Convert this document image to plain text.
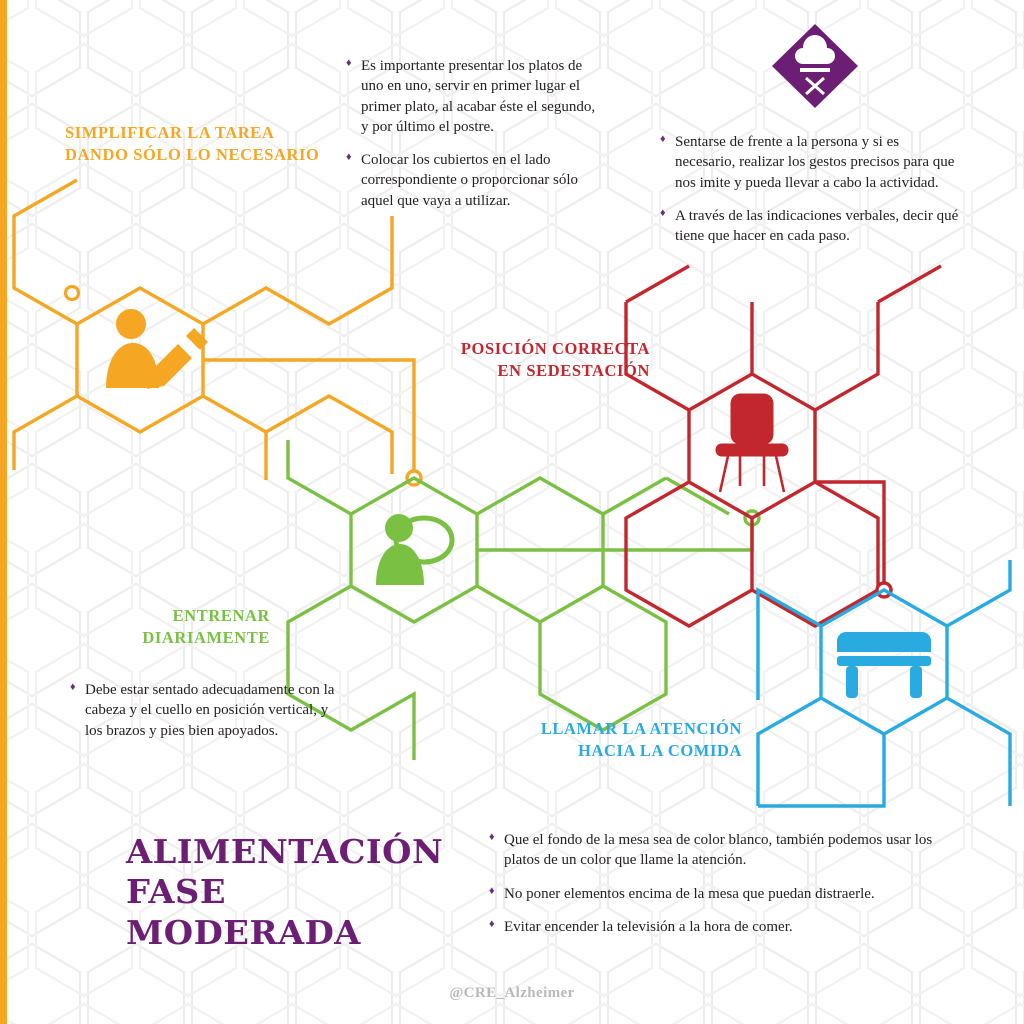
SIMPLIFICAR LA TAREA
DANDO SÓLO LO NECESARIO
POSICIÓN CORRECTA
EN SEDESTACIÓN
ENTRENAR
DIARIAMENTE
LLAMAR LA ATENCIÓN
HACIA LA COMIDA
♦ Es importante presentar los platos de uno en uno, servir en primer lugar el primer plato, al acabar éste el segundo, y por último el postre.
♦ Colocar los cubiertos en el lado correspondiente o proporcionar sólo aquel que vaya a utilizar.
♦ Sentarse de frente a la persona y si es necesario, realizar los gestos precisos para que nos imite y pueda llevar a cabo la actividad.
♦ A través de las indicaciones verbales, decir qué tiene que hacer en cada paso.
♦ Debe estar sentado adecuadamente con la cabeza y el cuello en posición vertical, y los brazos y pies bien apoyados.
♦ Que el fondo de la mesa sea de color blanco, también podemos usar los platos de un color que llame la atención.
♦ No poner elementos encima de la mesa que puedan distraerle.
♦ Evitar encender la televisión a la hora de comer.
ALIMENTACIÓN
FASE MODERADA
@CRE_Alzheimer
